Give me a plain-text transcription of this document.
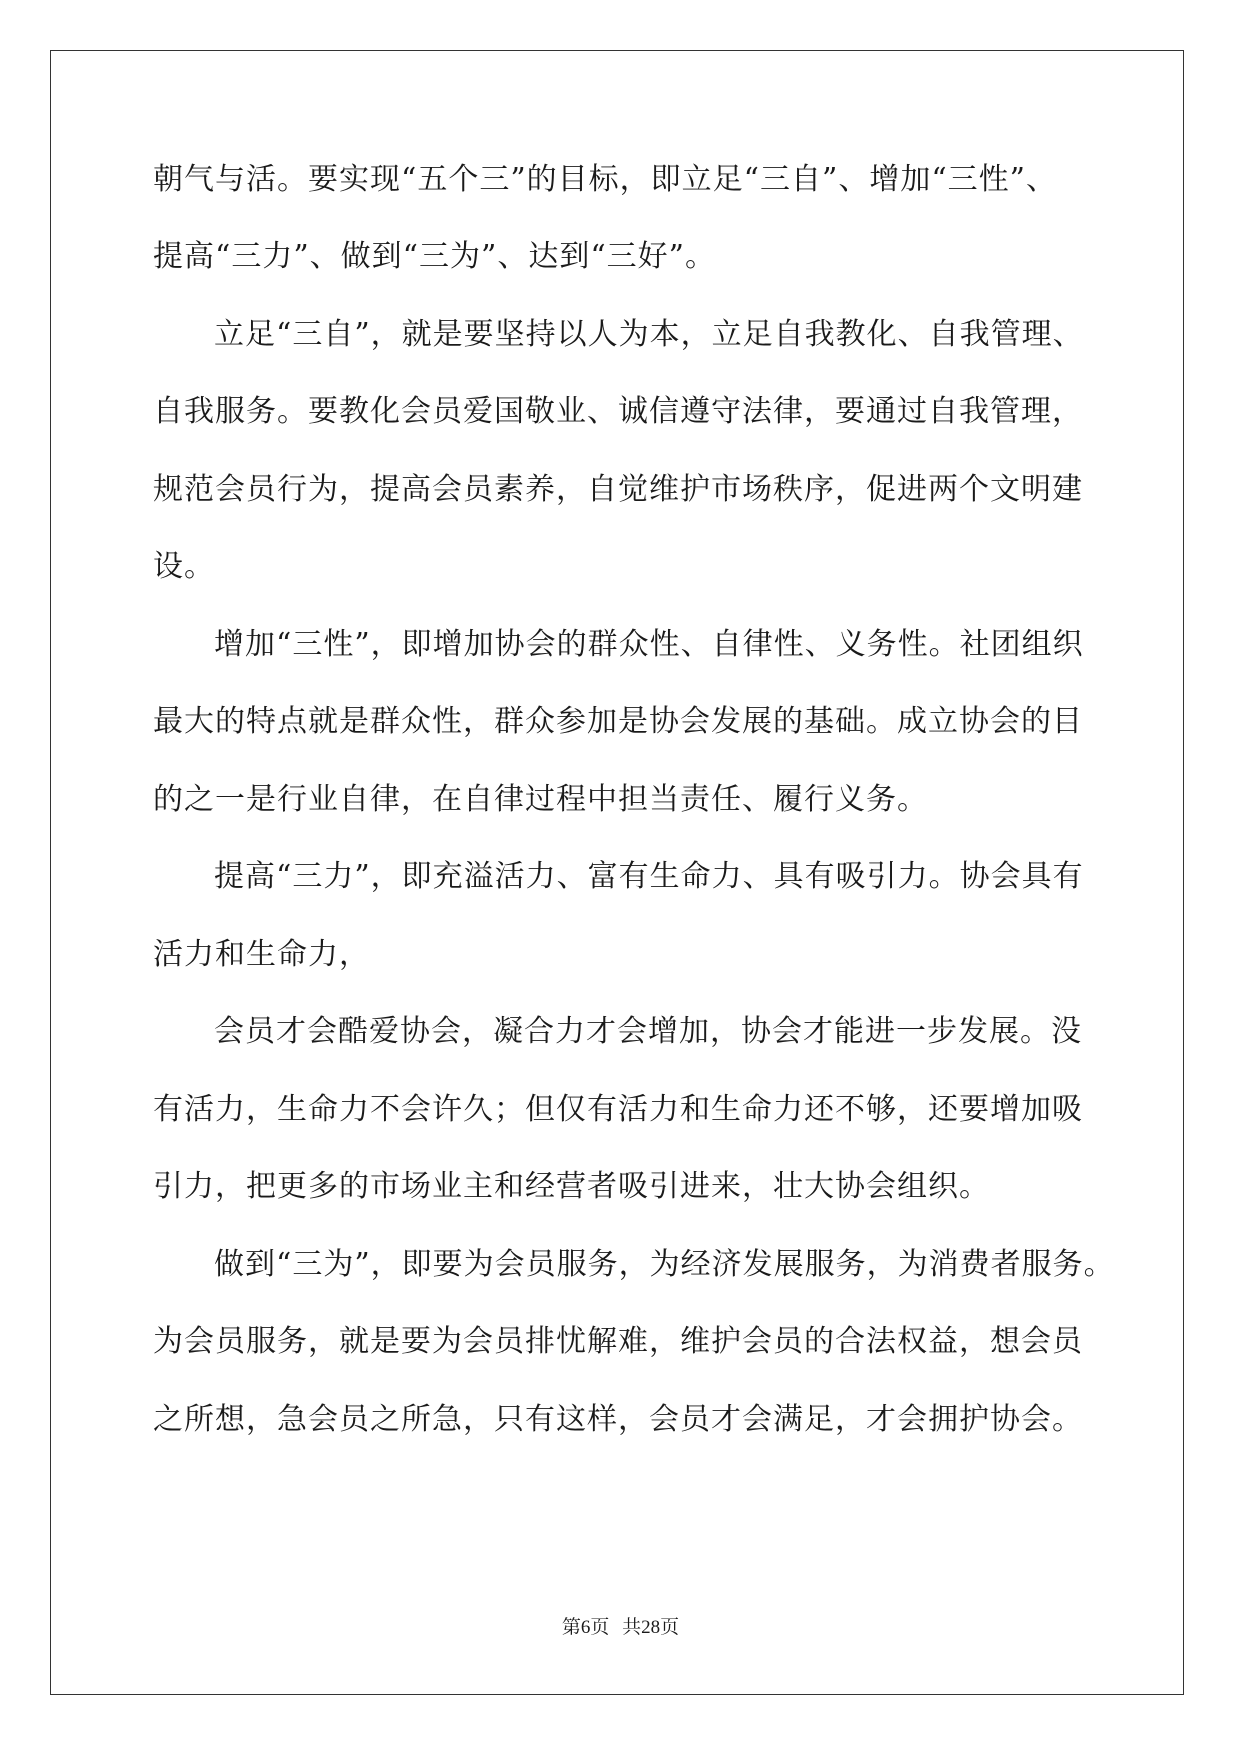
朝气与活。要实现“五个三”的目标，即立足“三自”、增加“三性”、
提高“三力”、做到“三为”、达到“三好”。
立足“三自”，就是要坚持以人为本，立足自我教化、自我管理、
自我服务。要教化会员爱国敬业、诚信遵守法律，要通过自我管理，
规范会员行为，提高会员素养，自觉维护市场秩序，促进两个文明建
设。
增加“三性”，即增加协会的群众性、自律性、义务性。社团组织
最大的特点就是群众性，群众参加是协会发展的基础。成立协会的目
的之一是行业自律，在自律过程中担当责任、履行义务。
提高“三力”，即充溢活力、富有生命力、具有吸引力。协会具有
活力和生命力，
会员才会酷爱协会，凝合力才会增加，协会才能进一步发展。没
有活力，生命力不会许久；但仅有活力和生命力还不够，还要增加吸
引力，把更多的市场业主和经营者吸引进来，壮大协会组织。
做到“三为”，即要为会员服务，为经济发展服务，为消费者服务。
为会员服务，就是要为会员排忧解难，维护会员的合法权益，想会员
之所想，急会员之所急，只有这样，会员才会满足，才会拥护协会。
第6页 共28页
